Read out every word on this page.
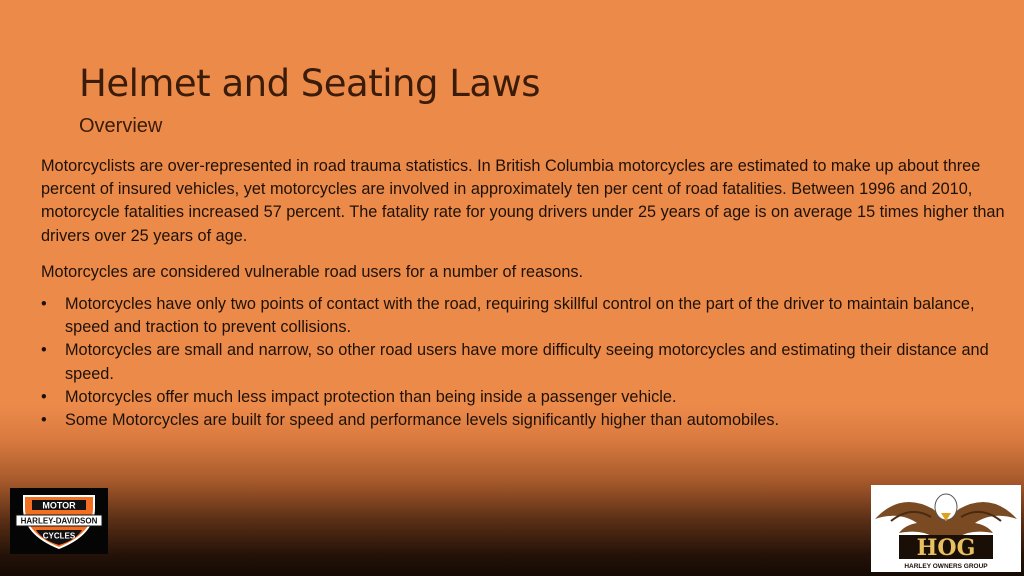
Helmet and Seating Laws
Overview

Motorcyclists are over-represented in road trauma statistics. In British Columbia motorcycles are estimated to make up about three percent of insured vehicles, yet motorcycles are involved in approximately ten per cent of road fatalities. Between 1996 and 2010, motorcycle fatalities increased 57 percent. The fatality rate for young drivers under 25 years of age is on average 15 times higher than drivers over 25 years of age.

Motorcycles are considered vulnerable road users for a number of reasons.

• Motorcycles have only two points of contact with the road, requiring skillful control on the part of the driver to maintain balance, speed and traction to prevent collisions.
• Motorcycles are small and narrow, so other road users have more difficulty seeing motorcycles and estimating their distance and speed.
• Motorcycles offer much less impact protection than being inside a passenger vehicle.
• Some Motorcycles are built for speed and performance levels significantly higher than automobiles.
MOTOR
HARLEY-DAVIDSON
CYCLES	HOG
HARLEY OWNERS GROUP
